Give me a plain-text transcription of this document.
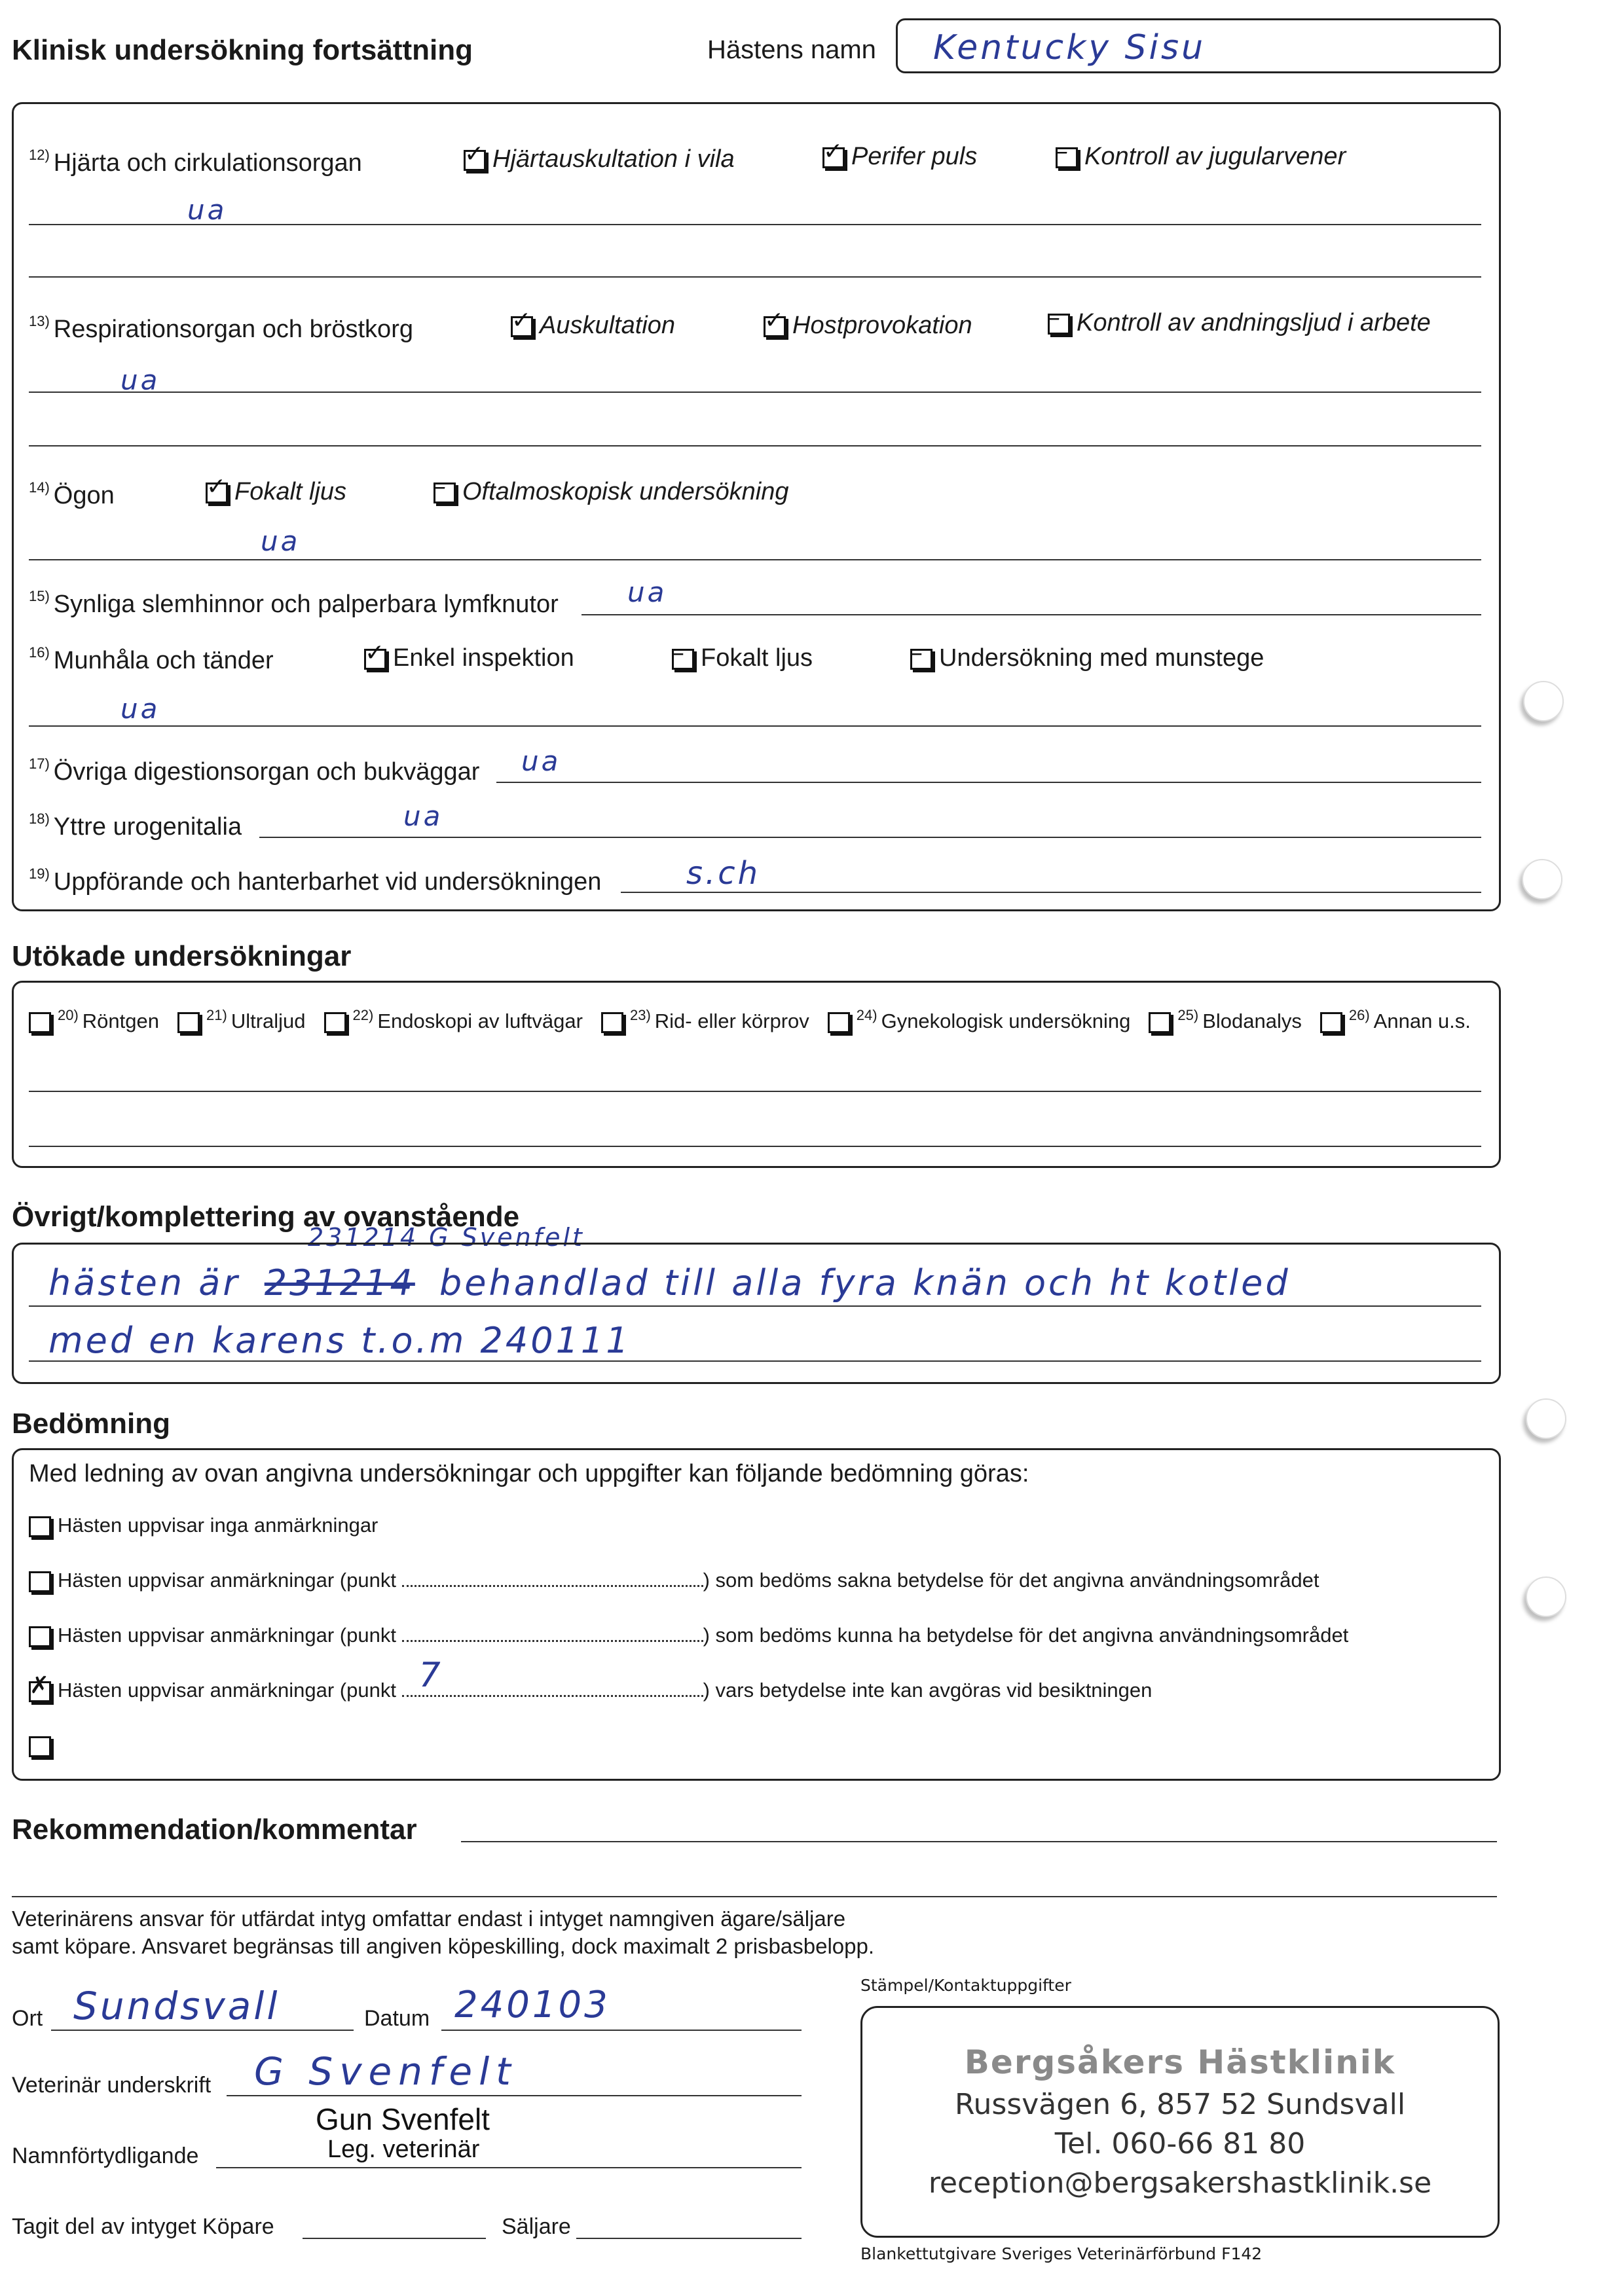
Klinisk undersökning fortsättning	Hästens namn Kentucky Sisu
$^{12)}$ Hjärta och cirkulationsorgan	✓ Hjärtauskultation i vila	✓ Perifer puls	– Kontroll av jugularvener
ua
$^{13)}$ Respirationsorgan och bröstkorg	✓ Auskultation	✓ Hostprovokation	– Kontroll av andningsljud i arbete
ua
$^{14)}$ Ögon	✓ Fokalt ljus	– Oftalmoskopisk undersökning
ua
$^{15)}$ Synliga slemhinnor och palperbara lymfknutor	ua
$^{16)}$ Munhåla och tänder	✓ Enkel inspektion	– Fokalt ljus	– Undersökning med munstege
ua
$^{17)}$ Övriga digestionsorgan och bukväggar ua
$^{18)}$ Yttre urogenitalia	ua
$^{19)}$ Uppförande och hanterbarhet vid undersökningen	s.ch
Utökade undersökningar
$^{20)}$ Röntgen	$^{21)}$ Ultraljud	$^{22)}$ Endoskopi av luftvägar	$^{23)}$ Rid- eller körprov	$^{24)}$ Gynekologisk undersökning	$^{25)}$ Blodanalys	$^{26)}$ Annan u.s.
Övrigt/komplettering av ovanstående
231214 G Svenfelt
hästen är 231214 behandlad till alla fyra knän och ht kotled
med en karens t.o.m 240111
Bedömning
Med ledning av ovan angivna undersökningar och uppgifter kan följande bedömning göras:
Hästen uppvisar inga anmärkningar
Hästen uppvisar anmärkningar (punkt	) som bedöms sakna betydelse för det angivna användningsområdet
Hästen uppvisar anmärkningar (punkt	) som bedöms kunna ha betydelse för det angivna användningsområdet
✗ Hästen uppvisar anmärkningar (punkt 7	) vars betydelse inte kan avgöras vid besiktningen
Rekommendation/kommentar
Veterinärens ansvar för utfärdat intyg omfattar endast i intyget namngiven ägare/säljare
samt köpare. Ansvaret begränsas till angiven köpeskilling, dock maximalt 2 prisbasbelopp.
Ort Sundsvall	Datum 240103
Veterinär underskrift G Svenfelt
Gun Svenfelt
Namnförtydligande	Leg. veterinär
Tagit del av intyget Köpare	Säljare
Stämpel/Kontaktuppgifter
Bergsåkers Hästklinik
Russvägen 6, 857 52 Sundsvall
Tel. 060-66 81 80
reception@bergsakershastklinik.se
Blankettutgivare Sveriges Veterinärförbund F142
